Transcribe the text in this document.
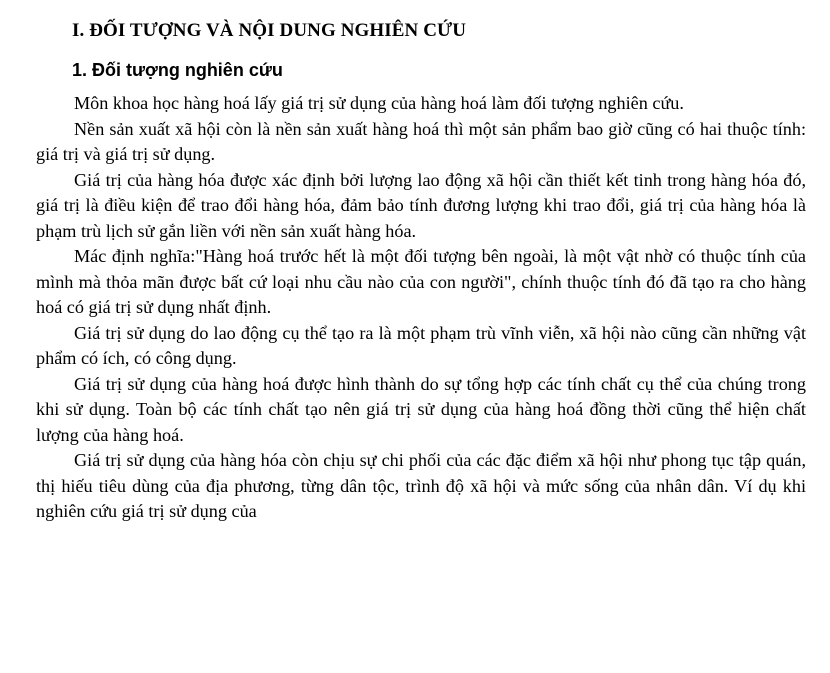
I. ĐỐI TƯỢNG VÀ NỘI DUNG NGHIÊN CỨU
1. Đối tượng nghiên cứu

Môn khoa học hàng hoá lấy giá trị sử dụng của hàng hoá làm đối tượng nghiên cứu.

Nền sản xuất xã hội còn là nền sản xuất hàng hoá thì một sản phẩm bao giờ cũng có hai thuộc tính: giá trị và giá trị sử dụng.

Giá trị của hàng hóa được xác định bởi lượng lao động xã hội cần thiết kết tinh trong hàng hóa đó, giá trị là điều kiện để trao đổi hàng hóa, đảm bảo tính đương lượng khi trao đổi, giá trị của hàng hóa là phạm trù lịch sử gắn liền với nền sản xuất hàng hóa.

Mác định nghĩa:"Hàng hoá trước hết là một đối tượng bên ngoài, là một vật nhờ có thuộc tính của mình mà thỏa mãn được bất cứ loại nhu cầu nào của con người", chính thuộc tính đó đã tạo ra cho hàng hoá có giá trị sử dụng nhất định.

Giá trị sử dụng do lao động cụ thể tạo ra là một phạm trù vĩnh viễn, xã hội nào cũng cần những vật phẩm có ích, có công dụng.

Giá trị sử dụng của hàng hoá được hình thành do sự tổng hợp các tính chất cụ thể của chúng trong khi sử dụng. Toàn bộ các tính chất tạo nên giá trị sử dụng của hàng hoá đồng thời cũng thể hiện chất lượng của hàng hoá.

Giá trị sử dụng của hàng hóa còn chịu sự chi phối của các đặc điểm xã hội như phong tục tập quán, thị hiếu tiêu dùng của địa phương, từng dân tộc, trình độ xã hội và mức sống của nhân dân. Ví dụ khi nghiên cứu giá trị sử dụng của
